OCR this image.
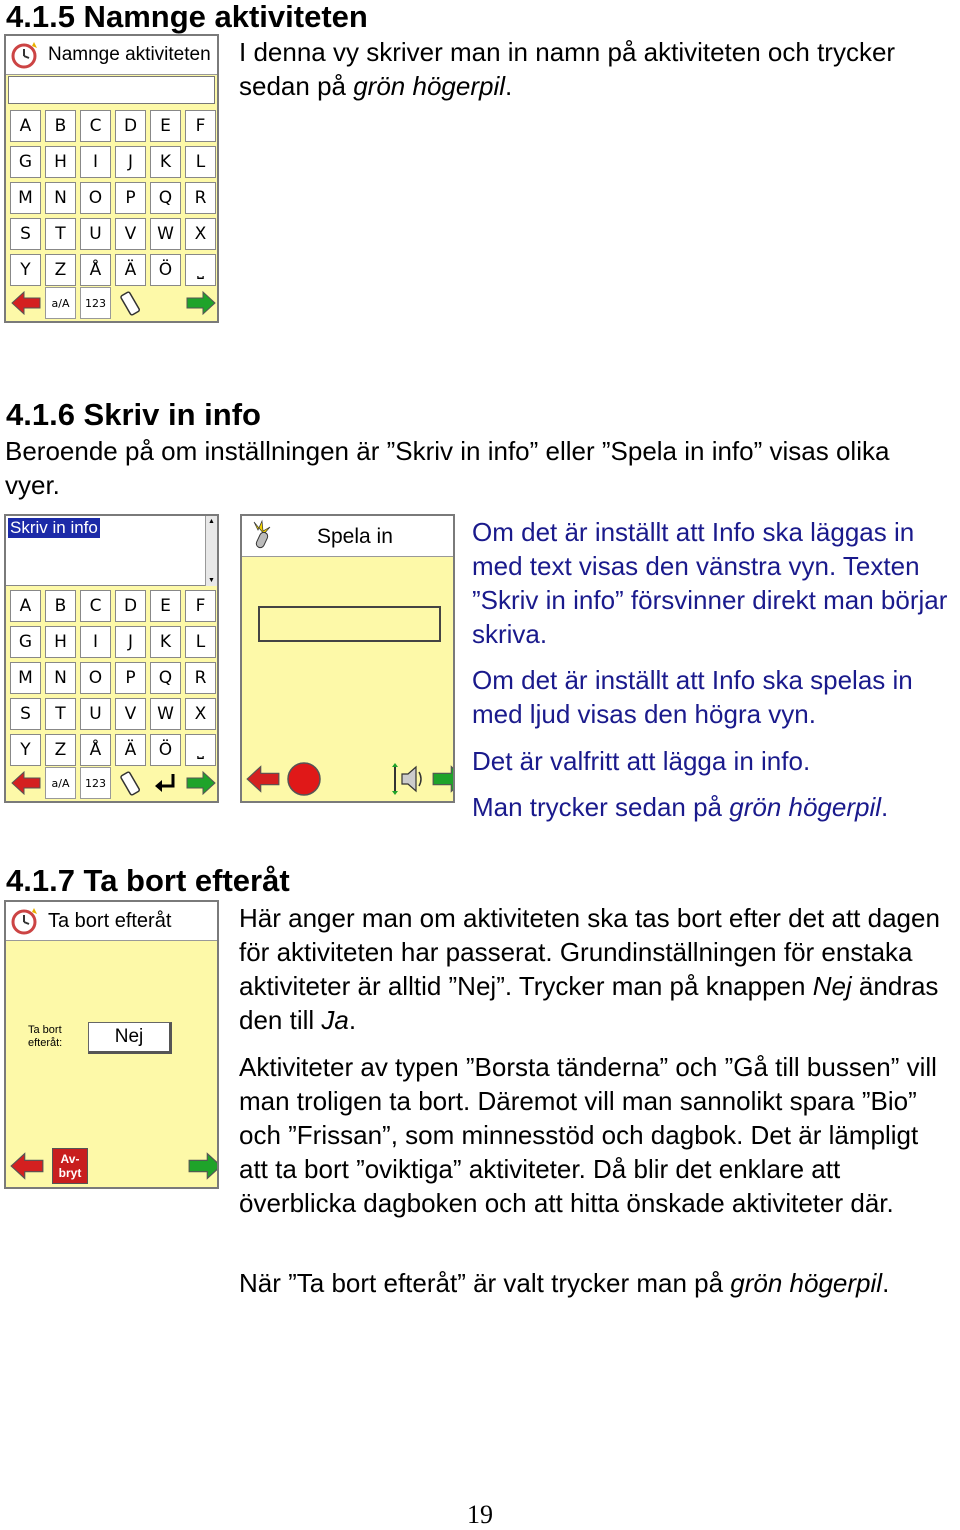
4.1.5 Namnge aktiviteten
Namnge aktiviteten
A	B	C	D	E	F
G	H	I	J	K	L
M	N	O	P	Q	R
S	T	U	V	W	X
Y	Z	Å	Ä	Ö	⎵
a/A	123
I denna vy skriver man in namn på aktiviteten och trycker sedan på grön högerpil.
4.1.6 Skriv in info
Beroende på om inställningen är ”Skriv in info” eller ”Spela in info” visas olika vyer.
Skriv in info	▲
▼
A	B	C	D	E	F
G	H	I	J	K	L
M	N	O	P	Q	R
S	T	U	V	W	X
Y	Z	Å	Ä	Ö	⎵
a/A	123
Spela in	Om det är inställt att Info ska läggas in med text visas den vänstra vyn. Texten ”Skriv in info” försvinner direkt man börjar skriva.
Om det är inställt att Info ska spelas in med ljud visas den högra vyn.
Det är valfritt att lägga in info.
Man trycker sedan på grön högerpil.
4.1.7 Ta bort efteråt
Ta bort efteråt
Ta bort efteråt:	Nej
Av-bryt
Här anger man om aktiviteten ska tas bort efter det att dagen för aktiviteten har passerat. Grundinställningen för enstaka aktiviteter är alltid ”Nej”. Trycker man på knappen Nej ändras den till Ja.
Aktiviteter av typen ”Borsta tänderna” och ”Gå till bussen” vill man troligen ta bort. Däremot vill man sannolikt spara ”Bio” och ”Frissan”, som minnesstöd och dagbok. Det är lämpligt att ta bort ”oviktiga” aktiviteter. Då blir det enklare att överblicka dagboken och att hitta önskade aktiviteter där.
När ”Ta bort efteråt” är valt trycker man på grön högerpil.
19
